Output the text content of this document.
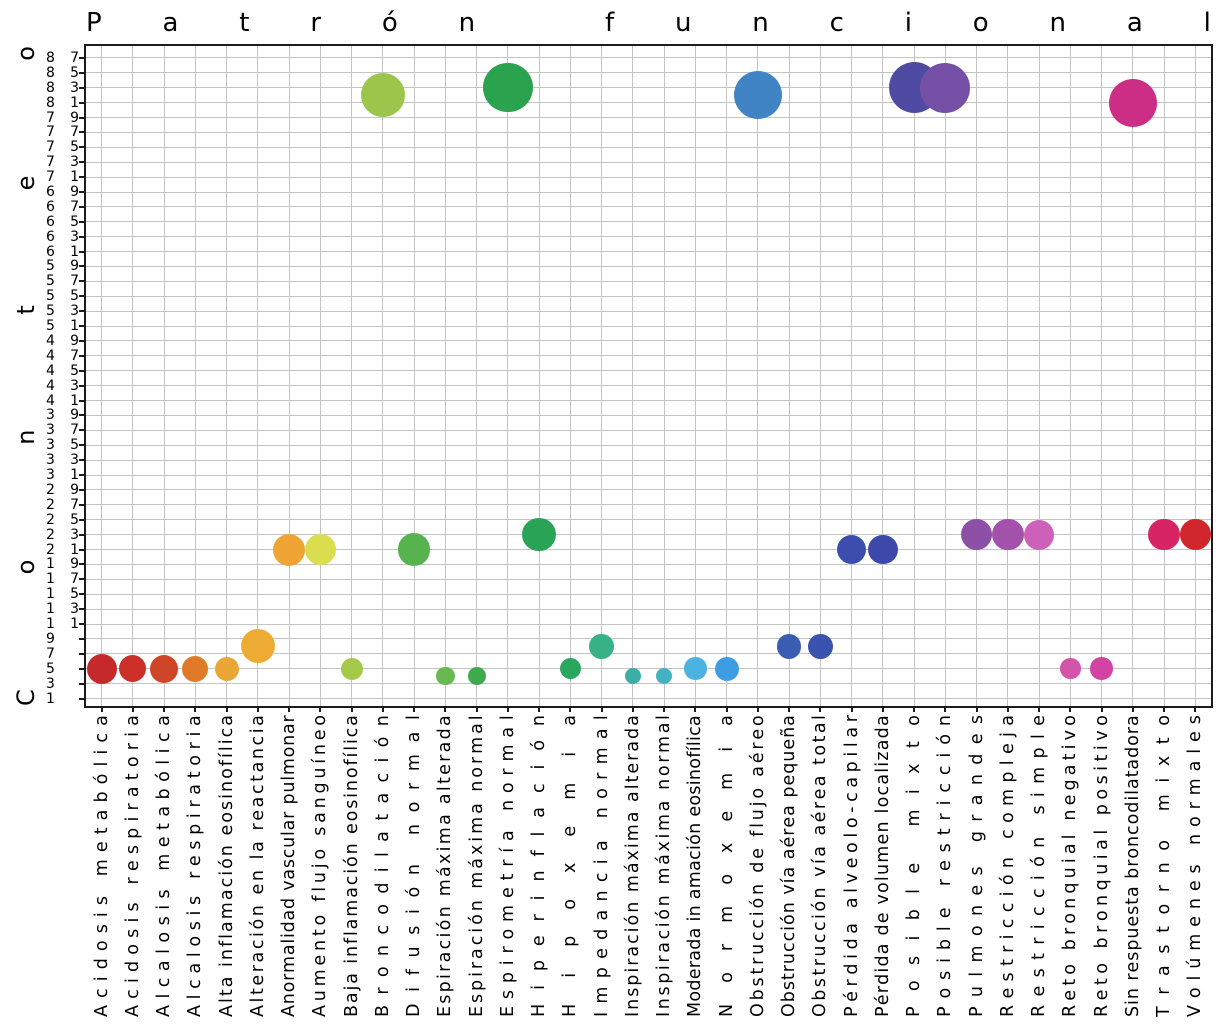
P a t r ó n
	f u n c i o n a l
C
o
n
t
e
o 8 7
8 5
8 3
8 1
7 9
7 7
7 5
7 3
7 1
6 9
6 7
6 5
6 3
6 1
5 9
5 7
5 5
5 3
5 1
4 9
4 7
4 5
4 3
4 1
3 9
3 7
3 5
3 3
3 1
2 9
2 7
2 5
2 3
2 1
1 9
1 7
1 5
1 3
1 1
9
7
5
3
1
A
c
i
d
o
s
i
s

m
e
t
a
b
ó
l
i
c
a
A
c
i
d
o
s
i
s

r
e
s
p
i
r
a
t
o
r
i
a
A
l
c
a
l
o
s
i
s

m
e
t
a
b
ó
l
i
c
a
A
l
c
a
l
o
s
i
s

r
e
s
p
i
r
a
t
o
r
i
a
A
l
t
a

i
n
f
l
a
m
a
c
i
ó
n

e
o
s
i
n
o
f
í
l
i
c
a
A
l
t
e
r
a
c
i
ó
n

e
n

l
a

r
e
a
c
t
a
n
c
i
a
A
n
o
r
m
a
l
i
d
a
d

v
a
s
c
u
l
a
r

p
u
l
m
o
n
a
r
A
u
m
e
n
t
o

f
l
u
j
o

s
a
n
g
u
í
n
e
o
B
a
j
a

i
n
f
l
a
m
a
c
i
ó
n

e
o
s
i
n
o
f
í
l
i
c
a
B
r
o
n
c
o
d
i
l
a
t
a
c
i
ó
n
D
i
f
u
s
i
ó
n

n
o
r
m
a
l
E
s
p
i
r
a
c
i
ó
n

m
á
x
i
m
a

a
l
t
e
r
a
d
a
E
s
p
i
r
a
c
i
ó
n

m
á
x
i
m
a

n
o
r
m
a
l
E
s
p
i
r
o
m
e
t
r
í
a

n
o
r
m
a
l
H
i
p
e
r
i
n
f
l
a
c
i
ó
n
H
i
p
o
x
e
m
i
a
I
m
p
e
d
a
n
c
i
a

n
o
r
m
a
l
I
n
s
p
i
r
a
c
i
ó
n

m
á
x
i
m
a

a
l
t
e
r
a
d
a
I
n
s
p
i
r
a
c
i
ó
n

m
á
x
i
m
a

n
o
r
m
a
l
M
o
d
e
r
a
d
a

i
n

a
m
a
c
i
ó
n

e
o
s
i
n
o
f
í
l
i
c
a
N
o
r
m
o
x
e
m
i
a
O
b
s
t
r
u
c
c
i
ó
n

d
e

f
l
u
j
o

a
é
r
e
o
O
b
s
t
r
u
c
c
i
ó
n

v
í
a

a
é
r
e
a

p
e
q
u
e
ñ
a
O
b
s
t
r
u
c
c
i
ó
n

v
í
a

a
é
r
e
a

t
o
t
a
l
P
é
r
d
i
d
a

a
l
v
e
o
l
o
-
c
a
p
i
l
a
r
P
é
r
d
i
d
a

d
e

v
o
l
u
m
e
n

l
o
c
a
l
i
z
a
d
a
P
o
s
i
b
l
e

m
i
x
t
o
P
o
s
i
b
l
e

r
e
s
t
r
i
c
c
i
ó
n
P
u
l
m
o
n
e
s

g
r
a
n
d
e
s
R
e
s
t
r
i
c
c
i
ó
n

c
o
m
p
l
e
j
a
R
e
s
t
r
i
c
c
i
ó
n

s
i
m
p
l
e
R
e
t
o

b
r
o
n
q
u
i
a
l

n
e
g
a
t
i
v
o
R
e
t
o

b
r
o
n
q
u
i
a
l

p
o
s
i
t
i
v
o
S
i
n

r
e
s
p
u
e
s
t
a

b
r
o
n
c
o
d
i
l
a
t
a
d
o
r
a
T
r
a
s
t
o
r
n
o

m
i
x
t
o
V
o
l
ú
m
e
n
e
s

n
o
r
m
a
l
e
s
